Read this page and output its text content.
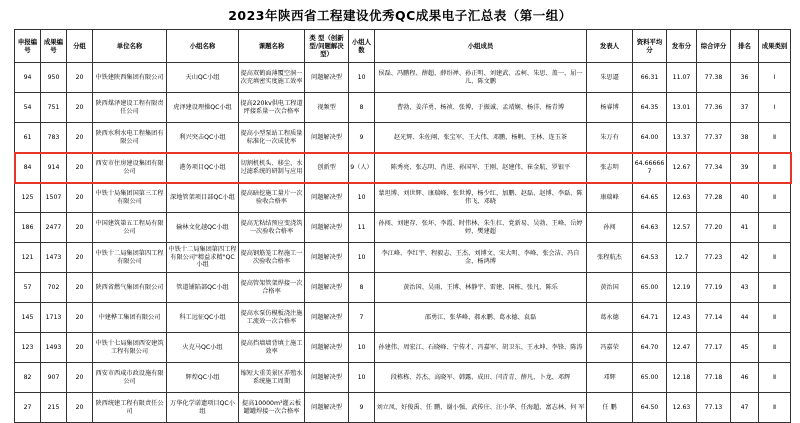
2023年陕西省工程建设优秀QC成果电子汇总表（第一组）
申报编号	成果编号	分组	单位名称	小组名称	课题名称	类 型（创新型/问题解决型）	小组人数	小组成员	发表人	资料平均分	发布分	综合评分	排名	成果类别
94	950	20	中铁建陕西集团有限公司	天山QC小组	提高双鹤面薄覆空洞一次充填密实度施工效率	问题解决型	10	侯磊、冯鹏程、薛超、薛纷禅、孙正明、刘建武、孟柯、朱思、盖一、屈一儿、陈文鹏	朱思逼	66.31	11.07	77.38	36	Ⅰ
54	751	20	陕西煤泽建设工程有限责任公司	虎泽建设理操QC小组	提高220kv供电工程道坪接系量一次合格率	视频型	8	曹勃、姜洋勇、杨祯、张博、于振诚、孟靖娴、杨洋、杨青博	杨睿博	64.35	13.01	77.36	37	Ⅰ
61	783	20	陕西水利水电工程集团有限公司	利兴突击QC小组	提高小型泵站工程质量标准化一次成优率	问题解决型	9	赵光辉、朱佐阐、张宝军、王大伟、邓鹏、杨帆、王林、连玉茶	朱万有	64.00	13.37	77.37	38	Ⅱ
84	914	20	西安市住房建设集团有限公司	港务项目QC小组	切割机机头、移尘、水过滤系统的研制与应用	创新型	9（人）	陈秀亮、张志明、肖进、孙国军、王刚、赵建伟、崔金航、罗银平	张志明	64.666667	12.67	77.34	39	Ⅱ
125	1507	20	中铁十局集团国第三工程有限公司	深地管架项目部QC小组	提高暗挖施工量片一次验收合格率	问题解决型	10	蒙坦博、刘世辉、康瑞峰、张世博、杨少红、加鹏、赵磊、赵博、李磊、陈伟飞、邓晓	康瑞峰	64.65	12.63	77.28	40	Ⅱ
186	2477	20	中国建筑第五工程局有限公司	输林文化越QC小组	提高无粘结预应变浇筑一次验收合格率	问题解决型	11	孙闯、刘建存、张坏、李霞、时伟林、朱生扛、党新易、吴勃、王峰、岳婷婷、樊建超	孙闯	64.63	12.57	77.20	41	Ⅱ
121	1473	20	中铁十二局集团第四工程有限公司	中铁十二局集团第四工程有限公司"精益求精"QC小组	提高钢筋笼工程施工一次验收合格率	问题解决型	10	李江峰、李红宇、程毅志、王杰、刘博文、宋大明、李峰、张会洁、冯自金、杨鸿博	张程航杰	64.53	12.7	77.23	42	Ⅱ
57	702	20	陕西省燃气集团有限公司	管道铺陷部QC小组	提高管架管架焊接一次合格率	问题解决型	8	黄治国、吴雨、王博、林静宇、雷建、国栋、张凡、陈乐	黄治国	65.00	12.19	77.19	43	Ⅱ
145	1713	20	中建桦工集团有限公司	科工远征QC小组	提高水泵仿模板浇注施工流效一次合格率	问题解决型	7	邵勇江、张华峰、郝永鹏、葛永德、袁磊	葛永德	64.71	12.43	77.14	44	Ⅱ
123	1493	20	中铁十七局集团西安建筑工程有限公司	火克马QC小组	提高挡墙墙背填土施工效率	问题解决型	10	孙建伟、周宏江、石晓峰、宁传才、冯嘉军、胡卫东、王永坤、李锋、陈涛	冯嘉荣	64.70	12.47	77.17	45	Ⅱ
82	907	20	西安市西咸市政设施有限公司	辉煌QC小组	缩短大重美景区养殖水系统施工周期	问题解决型	10	段栋栋、苏杰、高晓军、韩露、成田、闫青青、薛凡、卜龙、邓辉	邓辉	65.00	12.18	77.18	46	Ⅱ
27	215	20	陕西统建工程有限责任公司	万华化学诺遗项目QC小组	提高10000m³灌云板罐罐焊接一次合格率	问题解决型	9	刘立凤、好俊禹、任 鹏、谢小强、武传庄、汪小华、任海超、富志林、何 军	任 鹏	64.50	12.63	77.13	47	Ⅱ
